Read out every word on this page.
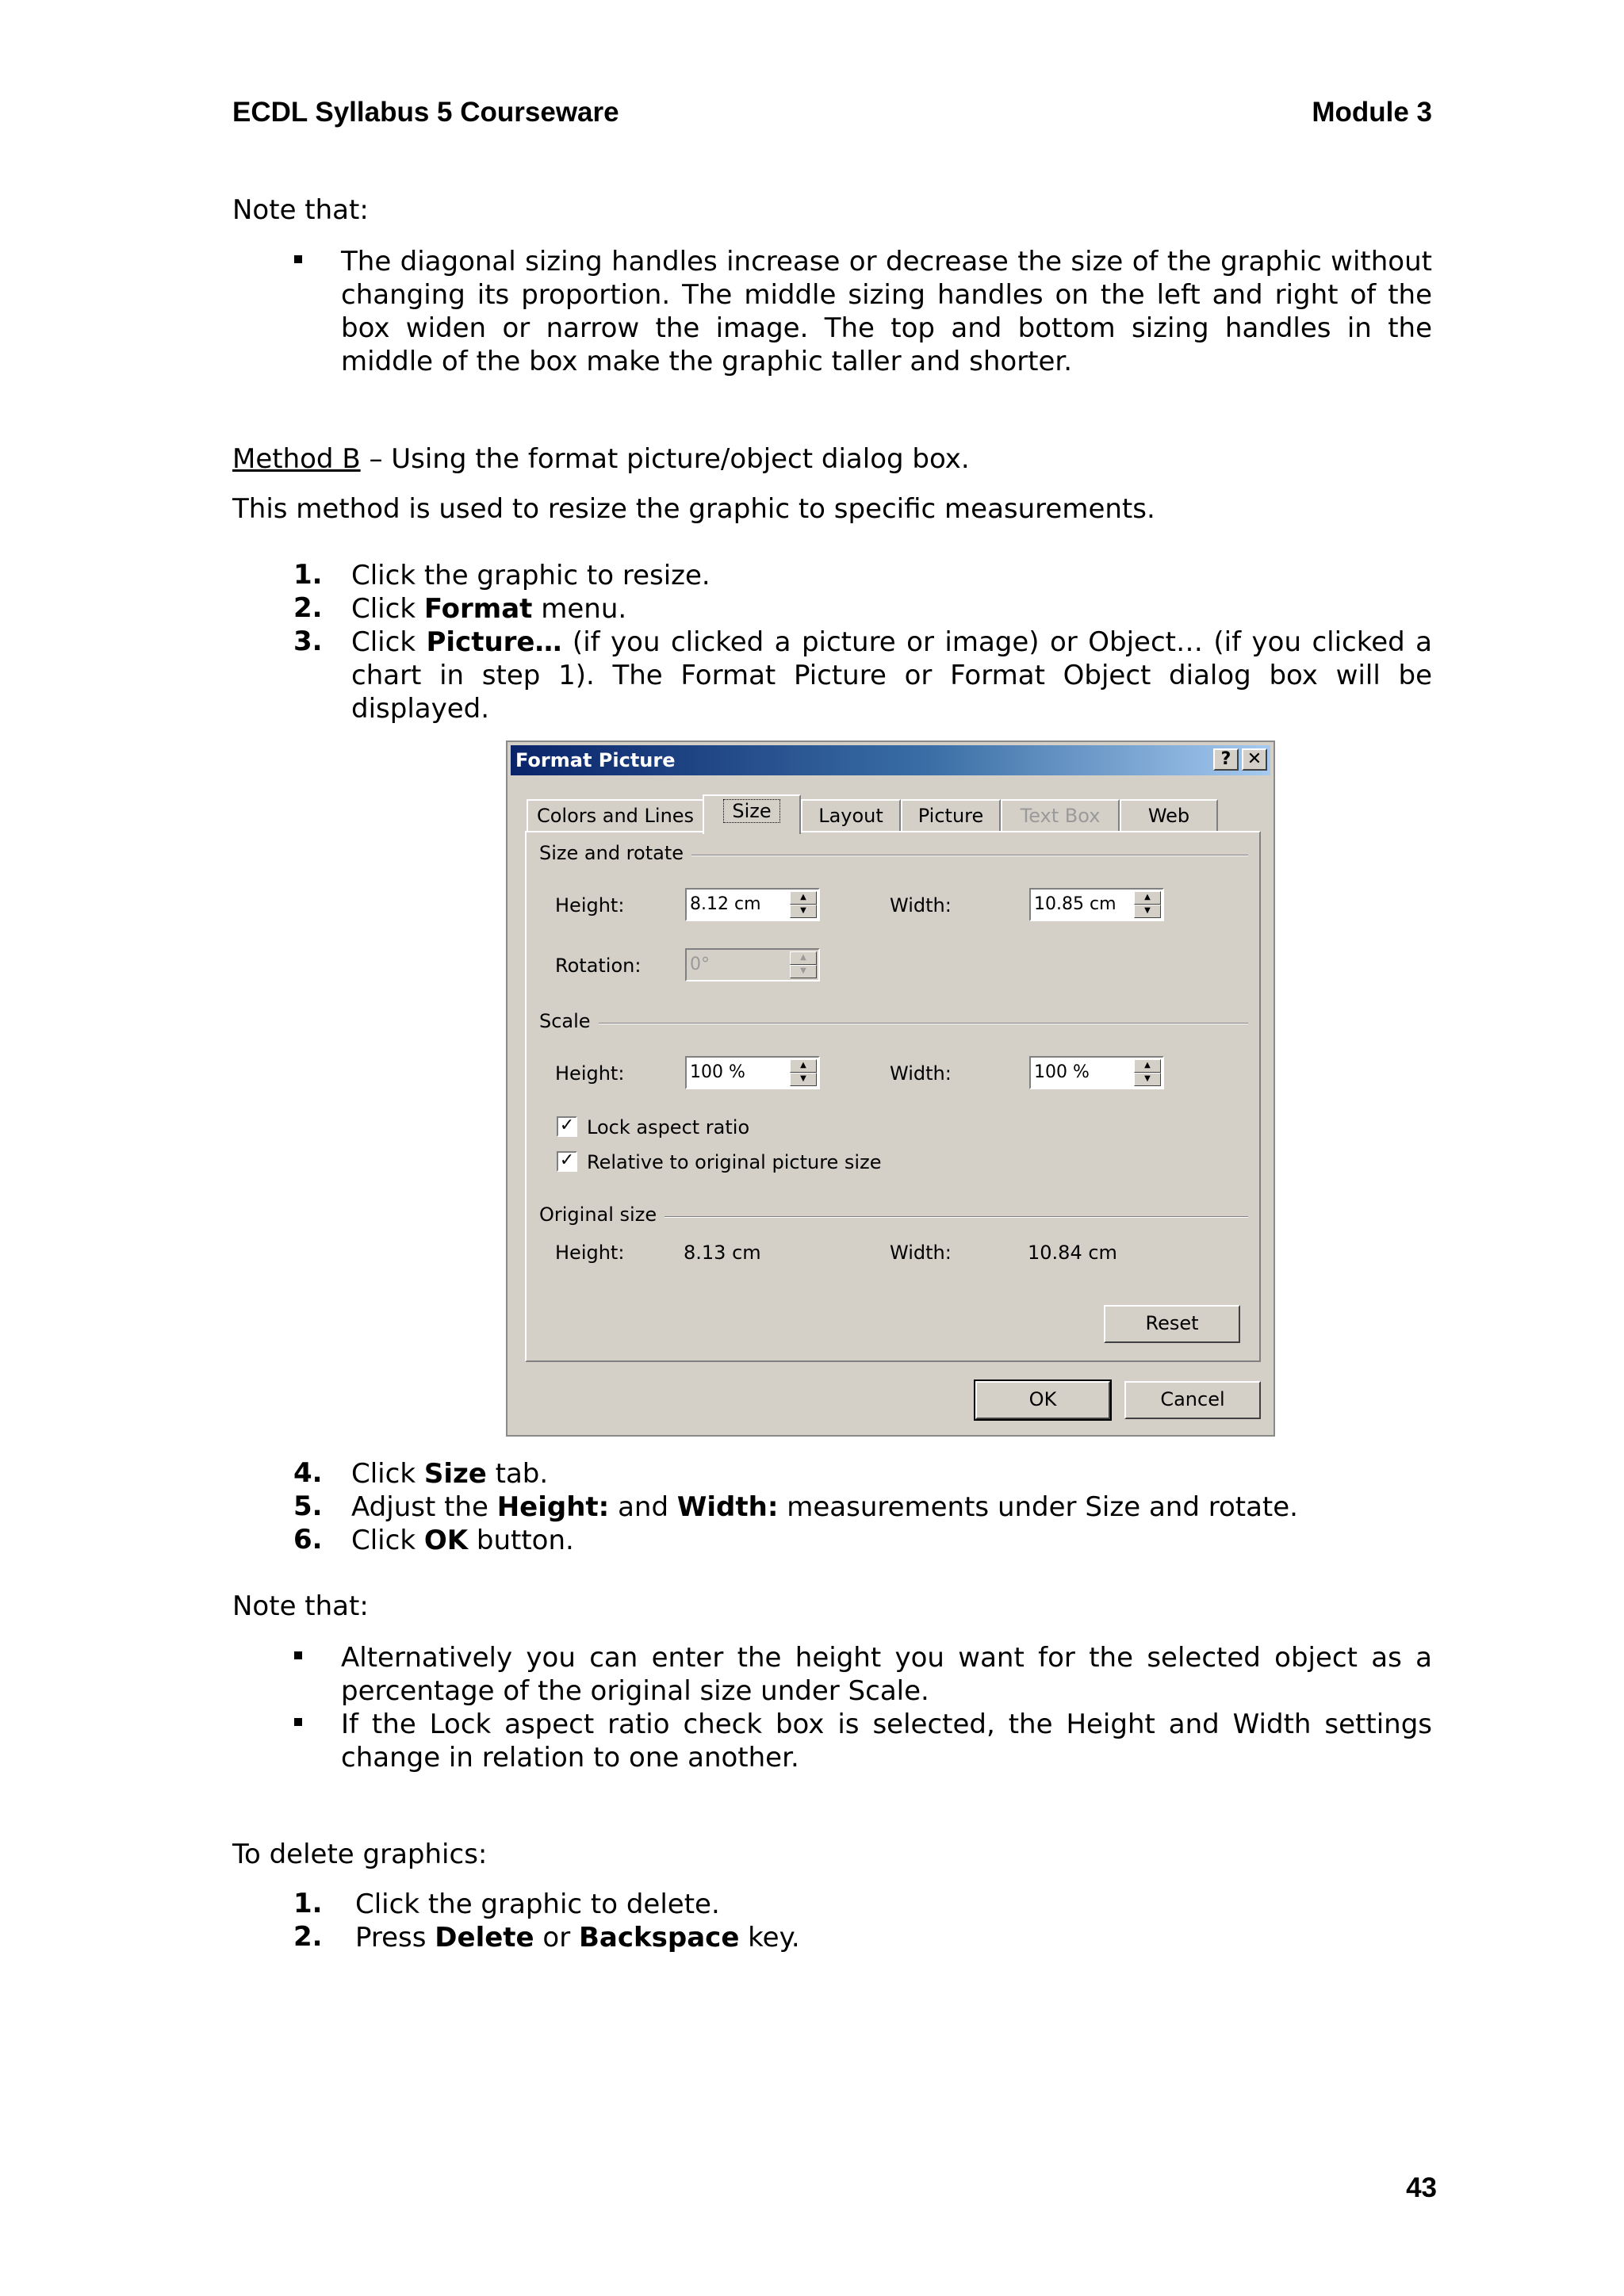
ECDL Syllabus 5 Courseware	Module 3
Note that:
The diagonal sizing handles increase or decrease the size of the graphic without changing its proportion. The middle sizing handles on the left and right of the box widen or narrow the image. The top and bottom sizing handles in the middle of the box make the graphic taller and shorter.
Method B – Using the format picture/object dialog box.
This method is used to resize the graphic to specific measurements.
1. Click the graphic to resize.
2. Click Format menu.
3. Click Picture… (if you clicked a picture or image) or Object… (if you clicked a chart in step 1). The Format Picture or Format Object dialog box will be displayed.
Format Picture	? ✕
Colors and Lines	Size	Layout	Picture	Text Box	Web
Size and rotate
Height:	8.12 cm	▲
▼	Width:	10.85 cm	▲
▼
Rotation:	0°	▲
▼
Scale
Height:	100 %	▲
▼	Width:	100 %	▲
▼
✓ Lock aspect ratio
✓ Relative to original picture size
Original size
Height:	8.13 cm	Width:	10.84 cm
Reset
OK	Cancel
4. Click Size tab.
5. Adjust the Height: and Width: measurements under Size and rotate.
6. Click OK button.
Note that:
Alternatively you can enter the height you want for the selected object as a percentage of the original size under Scale.
If the Lock aspect ratio check box is selected, the Height and Width settings change in relation to one another.
To delete graphics:
1. Click the graphic to delete.
2. Press Delete or Backspace key.
43
